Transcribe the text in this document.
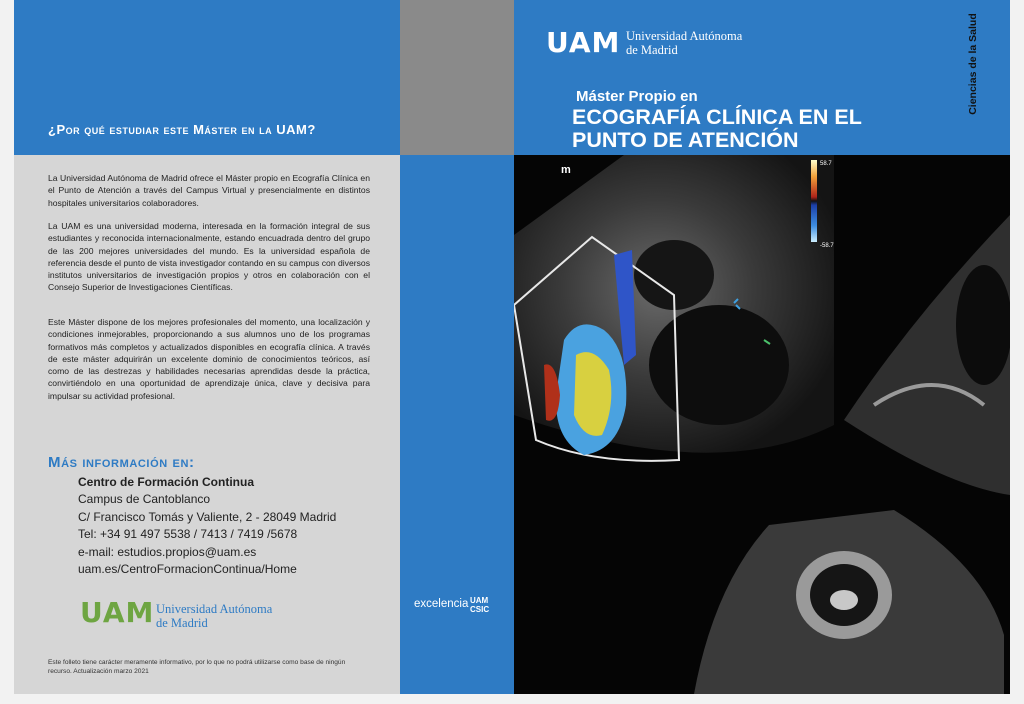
¿Por qué estudiar este Máster en la UAM?
La Universidad Autónoma de Madrid ofrece el Máster propio en Ecografía Clínica en el Punto de Atención a través del Campus Virtual y presencialmente en distintos hospitales universitarios colaboradores.
La UAM es una universidad moderna, interesada en la formación integral de sus estudiantes y reconocida internacionalmente, estando encuadrada dentro del grupo de las 200 mejores universidades del mundo. Es la universidad española de referencia desde el punto de vista investigador contando en su campus con diversos institutos universitarios de investigación propios y otros en colaboración con el Consejo Superior de Investigaciones Científicas.
Este Máster dispone de los mejores profesionales del momento, una localización y condiciones inmejorables, proporcionando a sus alumnos uno de los programas formativos más completos y actualizados disponibles en ecografía clínica. A través de este máster adquirirán un excelente dominio de conocimientos teóricos, así como de las destrezas y habilidades necesarias aprendidas desde la práctica, convirtiéndolo en una oportunidad de aprendizaje única, clave y decisiva para impulsar su actividad profesional.
Más información en:
Centro de Formación Continua
Campus de Cantoblanco
C/ Francisco Tomás y Valiente, 2 - 28049 Madrid
Tel: +34 91 497 5538 / 7413 / 7419 /5678
e-mail: estudios.propios@uam.es
uam.es/CentroFormacionContinua/Home
UAM Universidad Autónoma
de Madrid
Este folleto tiene carácter meramente informativo, por lo que no podrá utilizarse como base de ningún recurso. Actualización marzo 2021
excelencia UAM
CSIC
UAM Universidad Autónoma
de Madrid
Máster Propio en
ECOGRAFÍA CLÍNICA EN EL PUNTO DE ATENCIÓN
Ciencias de la Salud
58.7
-58.7
m
